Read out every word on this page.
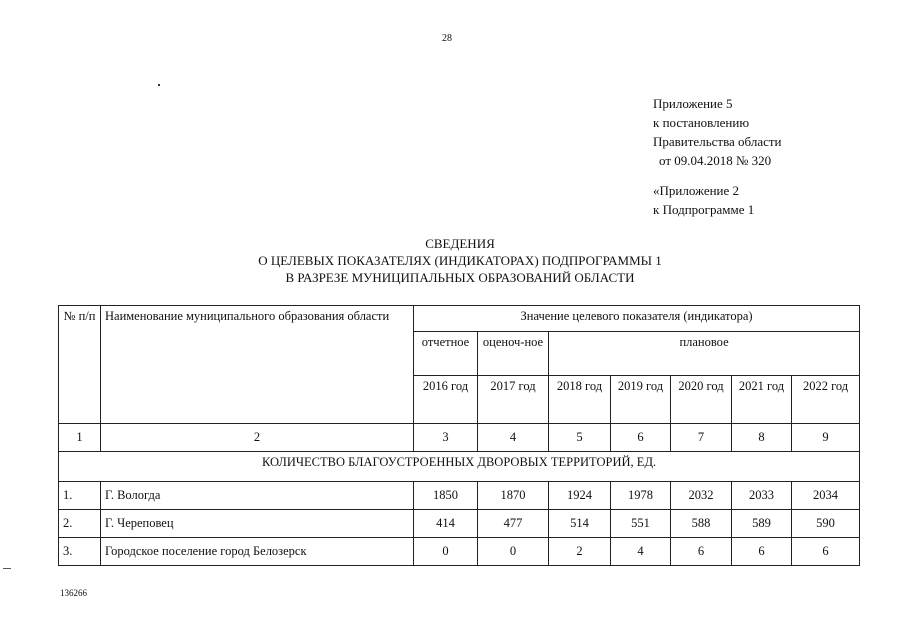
28
Приложение 5
к постановлению
Правительства области
от 09.04.2018 № 320
«Приложение 2
к Подпрограмме 1
СВЕДЕНИЯ
О ЦЕЛЕВЫХ ПОКАЗАТЕЛЯХ (ИНДИКАТОРАХ) ПОДПРОГРАММЫ 1
В РАЗРЕЗЕ МУНИЦИПАЛЬНЫХ ОБРАЗОВАНИЙ ОБЛАСТИ
№ п/п	Наименование муниципального образования области	Значение целевого показателя (индикатора)						
		отчетное	оценоч-ное	плановое				
		2016 год	2017 год	2018 год	2019 год	2020 год	2021 год	2022 год
1	2	3	4	5	6	7	8	9
КОЛИЧЕСТВО БЛАГОУСТРОЕННЫХ ДВОРОВЫХ ТЕРРИТОРИЙ, ЕД.								
1.	Г. Вологда	1850	1870	1924	1978	2032	2033	2034
2.	Г. Череповец	414	477	514	551	588	589	590
3.	Городское поселение город Белозерск	0	0	2	4	6	6	6
136266
